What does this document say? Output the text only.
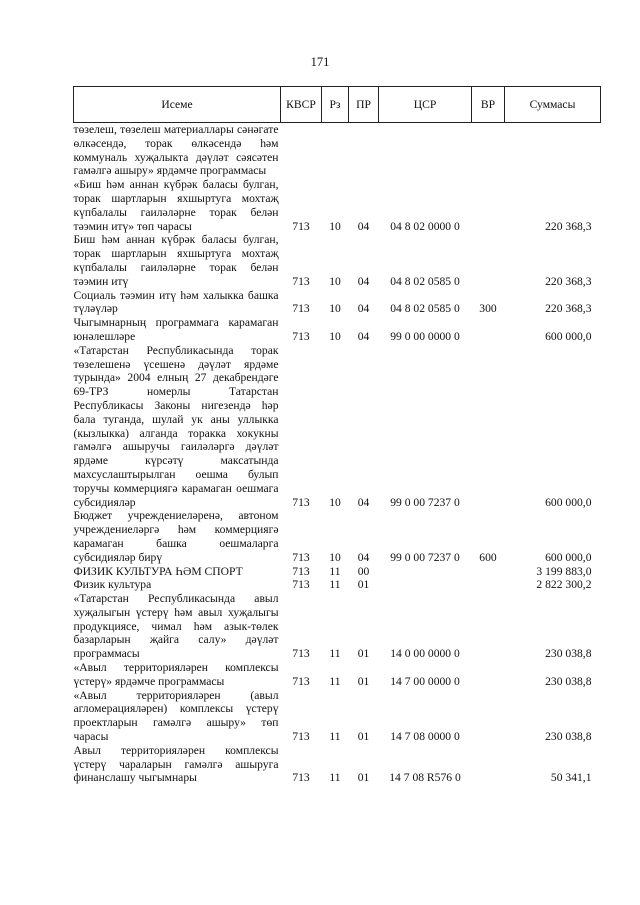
171
Исеме	КВСР	Рз	ПР	ЦСР	ВР	Суммасы
төзелеш, төзелеш материаллары сәнәгате өлкәсендә, торак өлкәсендә һәм коммуналь хуҗалыкта дәүләт сәясәтен гамәлгә ашыру» ярдәмче программасы						
«Биш һәм аннан күбрәк баласы булган, торак шартларын яхшыртуга мохтаҗ күпбалалы гаиләләрне торак белән тәэмин итү» төп чарасы	713	10	04	04 8 02 0000 0		220 368,3
Биш һәм аннан күбрәк баласы булган, торак шартларын яхшыртуга мохтаҗ күпбалалы гаиләләрне торак белән тәэмин итү	713	10	04	04 8 02 0585 0		220 368,3
Социаль тәэмин итү һәм халыкка башка түләүләр	713	10	04	04 8 02 0585 0	300	220 368,3
Чыгымнарның программага карамаган юнәлешләре	713	10	04	99 0 00 0000 0		600 000,0
«Татарстан Республикасында торак төзелешенә үсешенә дәүләт ярдәме турында» 2004 елның 27 декабрендәге 69-ТРЗ номерлы Татарстан Республикасы Законы нигезендә һәр бала туганда, шулай ук аны уллыкка (кызлыкка) алганда торакка хокукны гамәлгә ашыручы гаиләләргә дәүләт ярдәме күрсәтү максатында махсуслаштырылган оешма булып торучы коммерциягә карамаган оешмага субсидияләр	713	10	04	99 0 00 7237 0		600 000,0
Бюджет учреждениеләренә, автоном учреждениеләргә һәм коммерциягә карамаган башка оешмаларга субсидияләр бирү	713	10	04	99 0 00 7237 0	600	600 000,0
ФИЗИК КУЛЬТУРА ҺӘМ СПОРТ	713	11	00			3 199 883,0
Физик культура	713	11	01			2 822 300,2
«Татарстан Республикасында авыл хуҗалыгын үстерү һәм авыл хуҗалыгы продукциясе, чимал һәм азык-төлек базарларын җайга салу» дәүләт программасы	713	11	01	14 0 00 0000 0		230 038,8
«Авыл территорияләрен комплексы үстерү» ярдәмче программасы	713	11	01	14 7 00 0000 0		230 038,8
«Авыл территорияләрен (авыл агломерацияләрен) комплексы үстерү проектларын гамәлгә ашыру» төп чарасы	713	11	01	14 7 08 0000 0		230 038,8
Авыл территорияләрен комплексы үстерү чараларын гамәлгә ашыруга финанслашу чыгымнары	713	11	01	14 7 08 R576 0		50 341,1
